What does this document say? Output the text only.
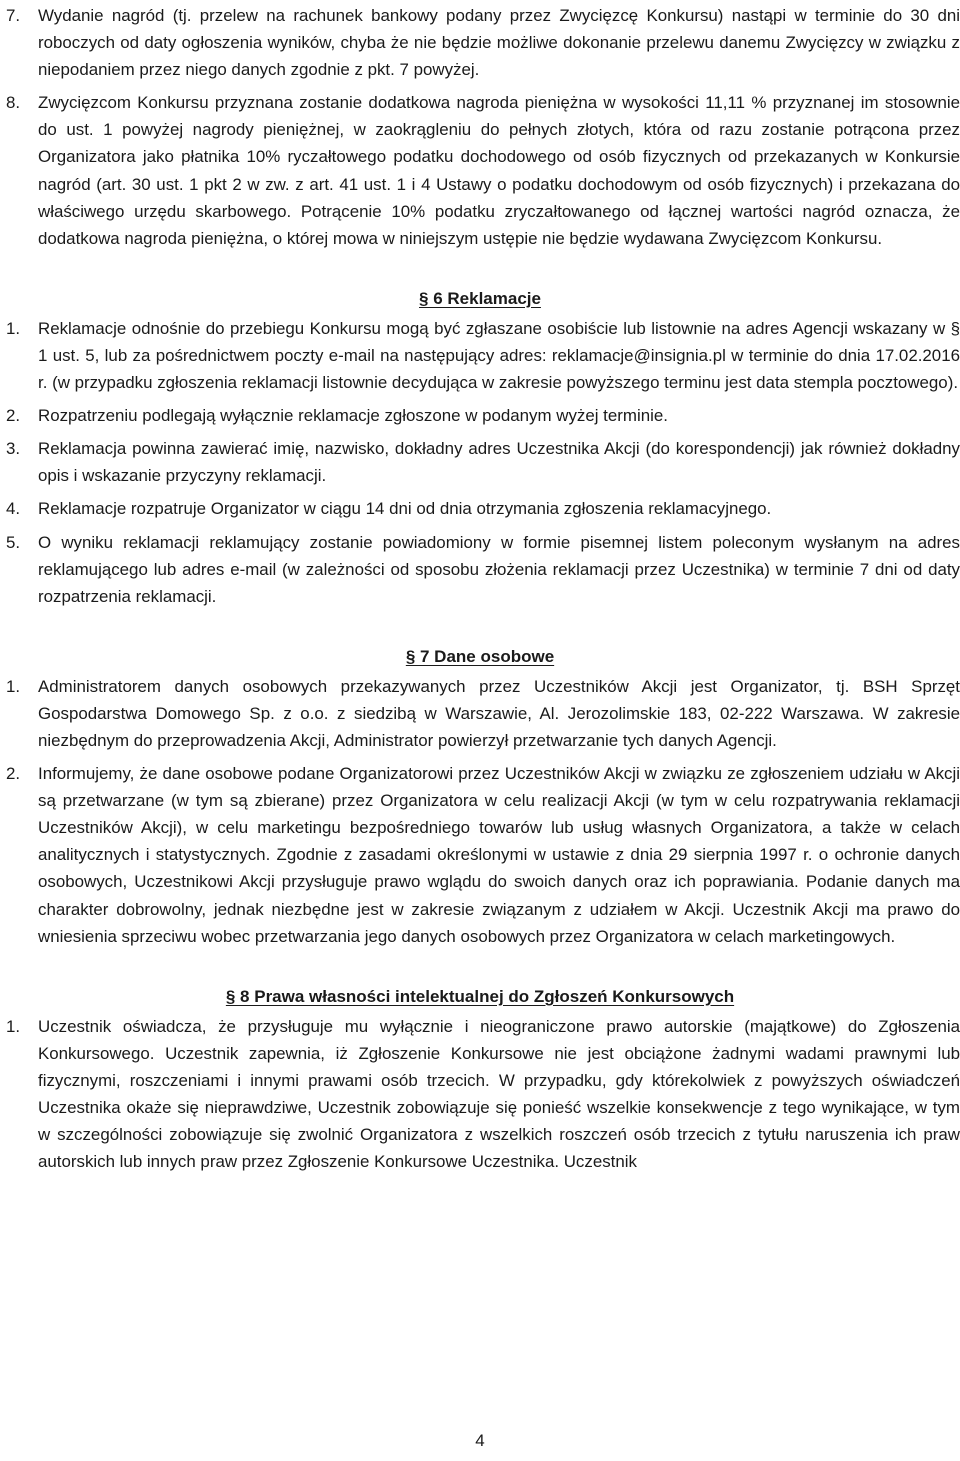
7. Wydanie nagród (tj. przelew na rachunek bankowy podany przez Zwycięzcę Konkursu) nastąpi w terminie do 30 dni roboczych od daty ogłoszenia wyników, chyba że nie będzie możliwe dokonanie przelewu danemu Zwycięzcy w związku z niepodaniem przez niego danych zgodnie z pkt. 7 powyżej.
8. Zwycięzcom Konkursu przyznana zostanie dodatkowa nagroda pieniężna w wysokości 11,11 % przyznanej im stosownie do ust. 1 powyżej nagrody pieniężnej, w zaokrągleniu do pełnych złotych, która od razu zostanie potrącona przez Organizatora jako płatnika 10% ryczałtowego podatku dochodowego od osób fizycznych od przekazanych w Konkursie nagród (art. 30 ust. 1 pkt 2 w zw. z art. 41 ust. 1 i 4 Ustawy o podatku dochodowym od osób fizycznych) i przekazana do właściwego urzędu skarbowego. Potrącenie 10% podatku zryczałtowanego od łącznej wartości nagród oznacza, że dodatkowa nagroda pieniężna, o której mowa w niniejszym ustępie nie będzie wydawana Zwycięzcom Konkursu.
§ 6 Reklamacje
1. Reklamacje odnośnie do przebiegu Konkursu mogą być zgłaszane osobiście lub listownie na adres Agencji wskazany w § 1 ust. 5, lub za pośrednictwem poczty e-mail na następujący adres: reklamacje@insignia.pl w terminie do dnia 17.02.2016 r. (w przypadku zgłoszenia reklamacji listownie decydująca w zakresie powyższego terminu jest data stempla pocztowego).
2. Rozpatrzeniu podlegają wyłącznie reklamacje zgłoszone w podanym wyżej terminie.
3. Reklamacja powinna zawierać imię, nazwisko, dokładny adres Uczestnika Akcji (do korespondencji) jak również dokładny opis i wskazanie przyczyny reklamacji.
4. Reklamacje rozpatruje Organizator w ciągu 14 dni od dnia otrzymania zgłoszenia reklamacyjnego.
5. O wyniku reklamacji reklamujący zostanie powiadomiony w formie pisemnej listem poleconym wysłanym na adres reklamującego lub adres e-mail (w zależności od sposobu złożenia reklamacji przez Uczestnika) w terminie 7 dni od daty rozpatrzenia reklamacji.
§ 7 Dane osobowe
1. Administratorem danych osobowych przekazywanych przez Uczestników Akcji jest Organizator, tj. BSH Sprzęt Gospodarstwa Domowego Sp. z o.o. z siedzibą w Warszawie, Al. Jerozolimskie 183, 02-222 Warszawa. W zakresie niezbędnym do przeprowadzenia Akcji, Administrator powierzył przetwarzanie tych danych Agencji.
2. Informujemy, że dane osobowe podane Organizatorowi przez Uczestników Akcji w związku ze zgłoszeniem udziału w Akcji są przetwarzane (w tym są zbierane) przez Organizatora w celu realizacji Akcji (w tym w celu rozpatrywania reklamacji Uczestników Akcji), w celu marketingu bezpośredniego towarów lub usług własnych Organizatora, a także w celach analitycznych i statystycznych. Zgodnie z zasadami określonymi w ustawie z dnia 29 sierpnia 1997 r. o ochronie danych osobowych, Uczestnikowi Akcji przysługuje prawo wglądu do swoich danych oraz ich poprawiania. Podanie danych ma charakter dobrowolny, jednak niezbędne jest w zakresie związanym z udziałem w Akcji. Uczestnik Akcji ma prawo do wniesienia sprzeciwu wobec przetwarzania jego danych osobowych przez Organizatora w celach marketingowych.
§ 8 Prawa własności intelektualnej do Zgłoszeń Konkursowych
1. Uczestnik oświadcza, że przysługuje mu wyłącznie i nieograniczone prawo autorskie (majątkowe) do Zgłoszenia Konkursowego. Uczestnik zapewnia, iż Zgłoszenie Konkursowe nie jest obciążone żadnymi wadami prawnymi lub fizycznymi, roszczeniami i innymi prawami osób trzecich. W przypadku, gdy którekolwiek z powyższych oświadczeń Uczestnika okaże się nieprawdziwe, Uczestnik zobowiązuje się ponieść wszelkie konsekwencje z tego wynikające, w tym w szczególności zobowiązuje się zwolnić Organizatora z wszelkich roszczeń osób trzecich z tytułu naruszenia ich praw autorskich lub innych praw przez Zgłoszenie Konkursowe Uczestnika. Uczestnik
4
